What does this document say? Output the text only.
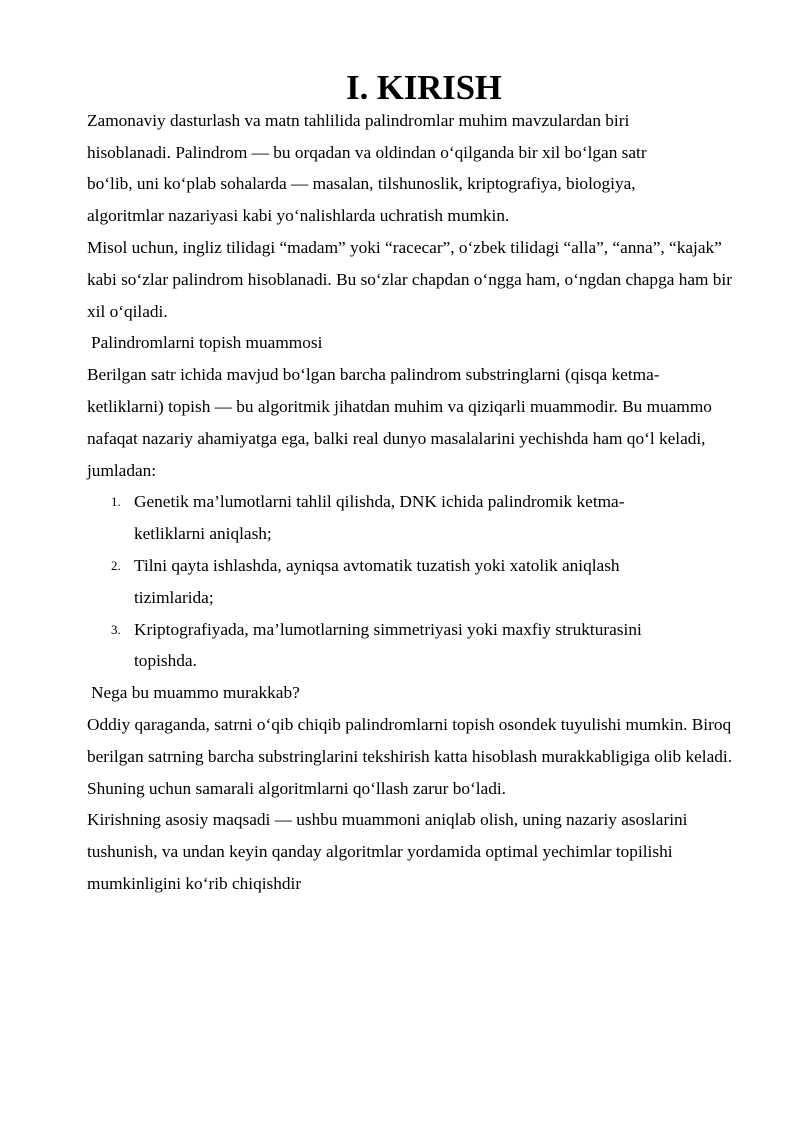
I. KIRISH

Zamonaviy dasturlash va matn tahlilida palindromlar muhim mavzulardan biri hisoblanadi. Palindrom — bu orqadan va oldindan o‘qilganda bir xil bo‘lgan satr bo‘lib, uni ko‘plab sohalarda — masalan, tilshunoslik, kriptografiya, biologiya, algoritmlar nazariyasi kabi yo‘nalishlarda uchratish mumkin.

Misol uchun, ingliz tilidagi “madam” yoki “racecar”, o‘zbek tilidagi “alla”, “anna”, “kajak” kabi so‘zlar palindrom hisoblanadi. Bu so‘zlar chapdan o‘ngga ham, o‘ngdan chapga ham bir xil o‘qiladi.

Palindromlarni topish muammosi

Berilgan satr ichida mavjud bo‘lgan barcha palindrom substringlarni (qisqa ketma-ketliklarni) topish — bu algoritmik jihatdan muhim va qiziqarli muammodir. Bu muammo nafaqat nazariy ahamiyatga ega, balki real dunyo masalalarini yechishda ham qo‘l keladi, jumladan:

1. Genetik ma’lumotlarni tahlil qilishda, DNK ichida palindromik ketma-ketliklarni aniqlash;
2. Tilni qayta ishlashda, ayniqsa avtomatik tuzatish yoki xatolik aniqlash tizimlarida;
3. Kriptografiyada, ma’lumotlarning simmetriyasi yoki maxfiy strukturasini topishda.

Nega bu muammo murakkab?

Oddiy qaraganda, satrni o‘qib chiqib palindromlarni topish osondek tuyulishi mumkin. Biroq berilgan satrning barcha substringlarini tekshirish katta hisoblash murakkabligiga olib keladi. Shuning uchun samarali algoritmlarni qo‘llash zarur bo‘ladi.

Kirishning asosiy maqsadi — ushbu muammoni aniqlab olish, uning nazariy asoslarini tushunish, va undan keyin qanday algoritmlar yordamida optimal yechimlar topilishi mumkinligini ko‘rib chiqishdir
